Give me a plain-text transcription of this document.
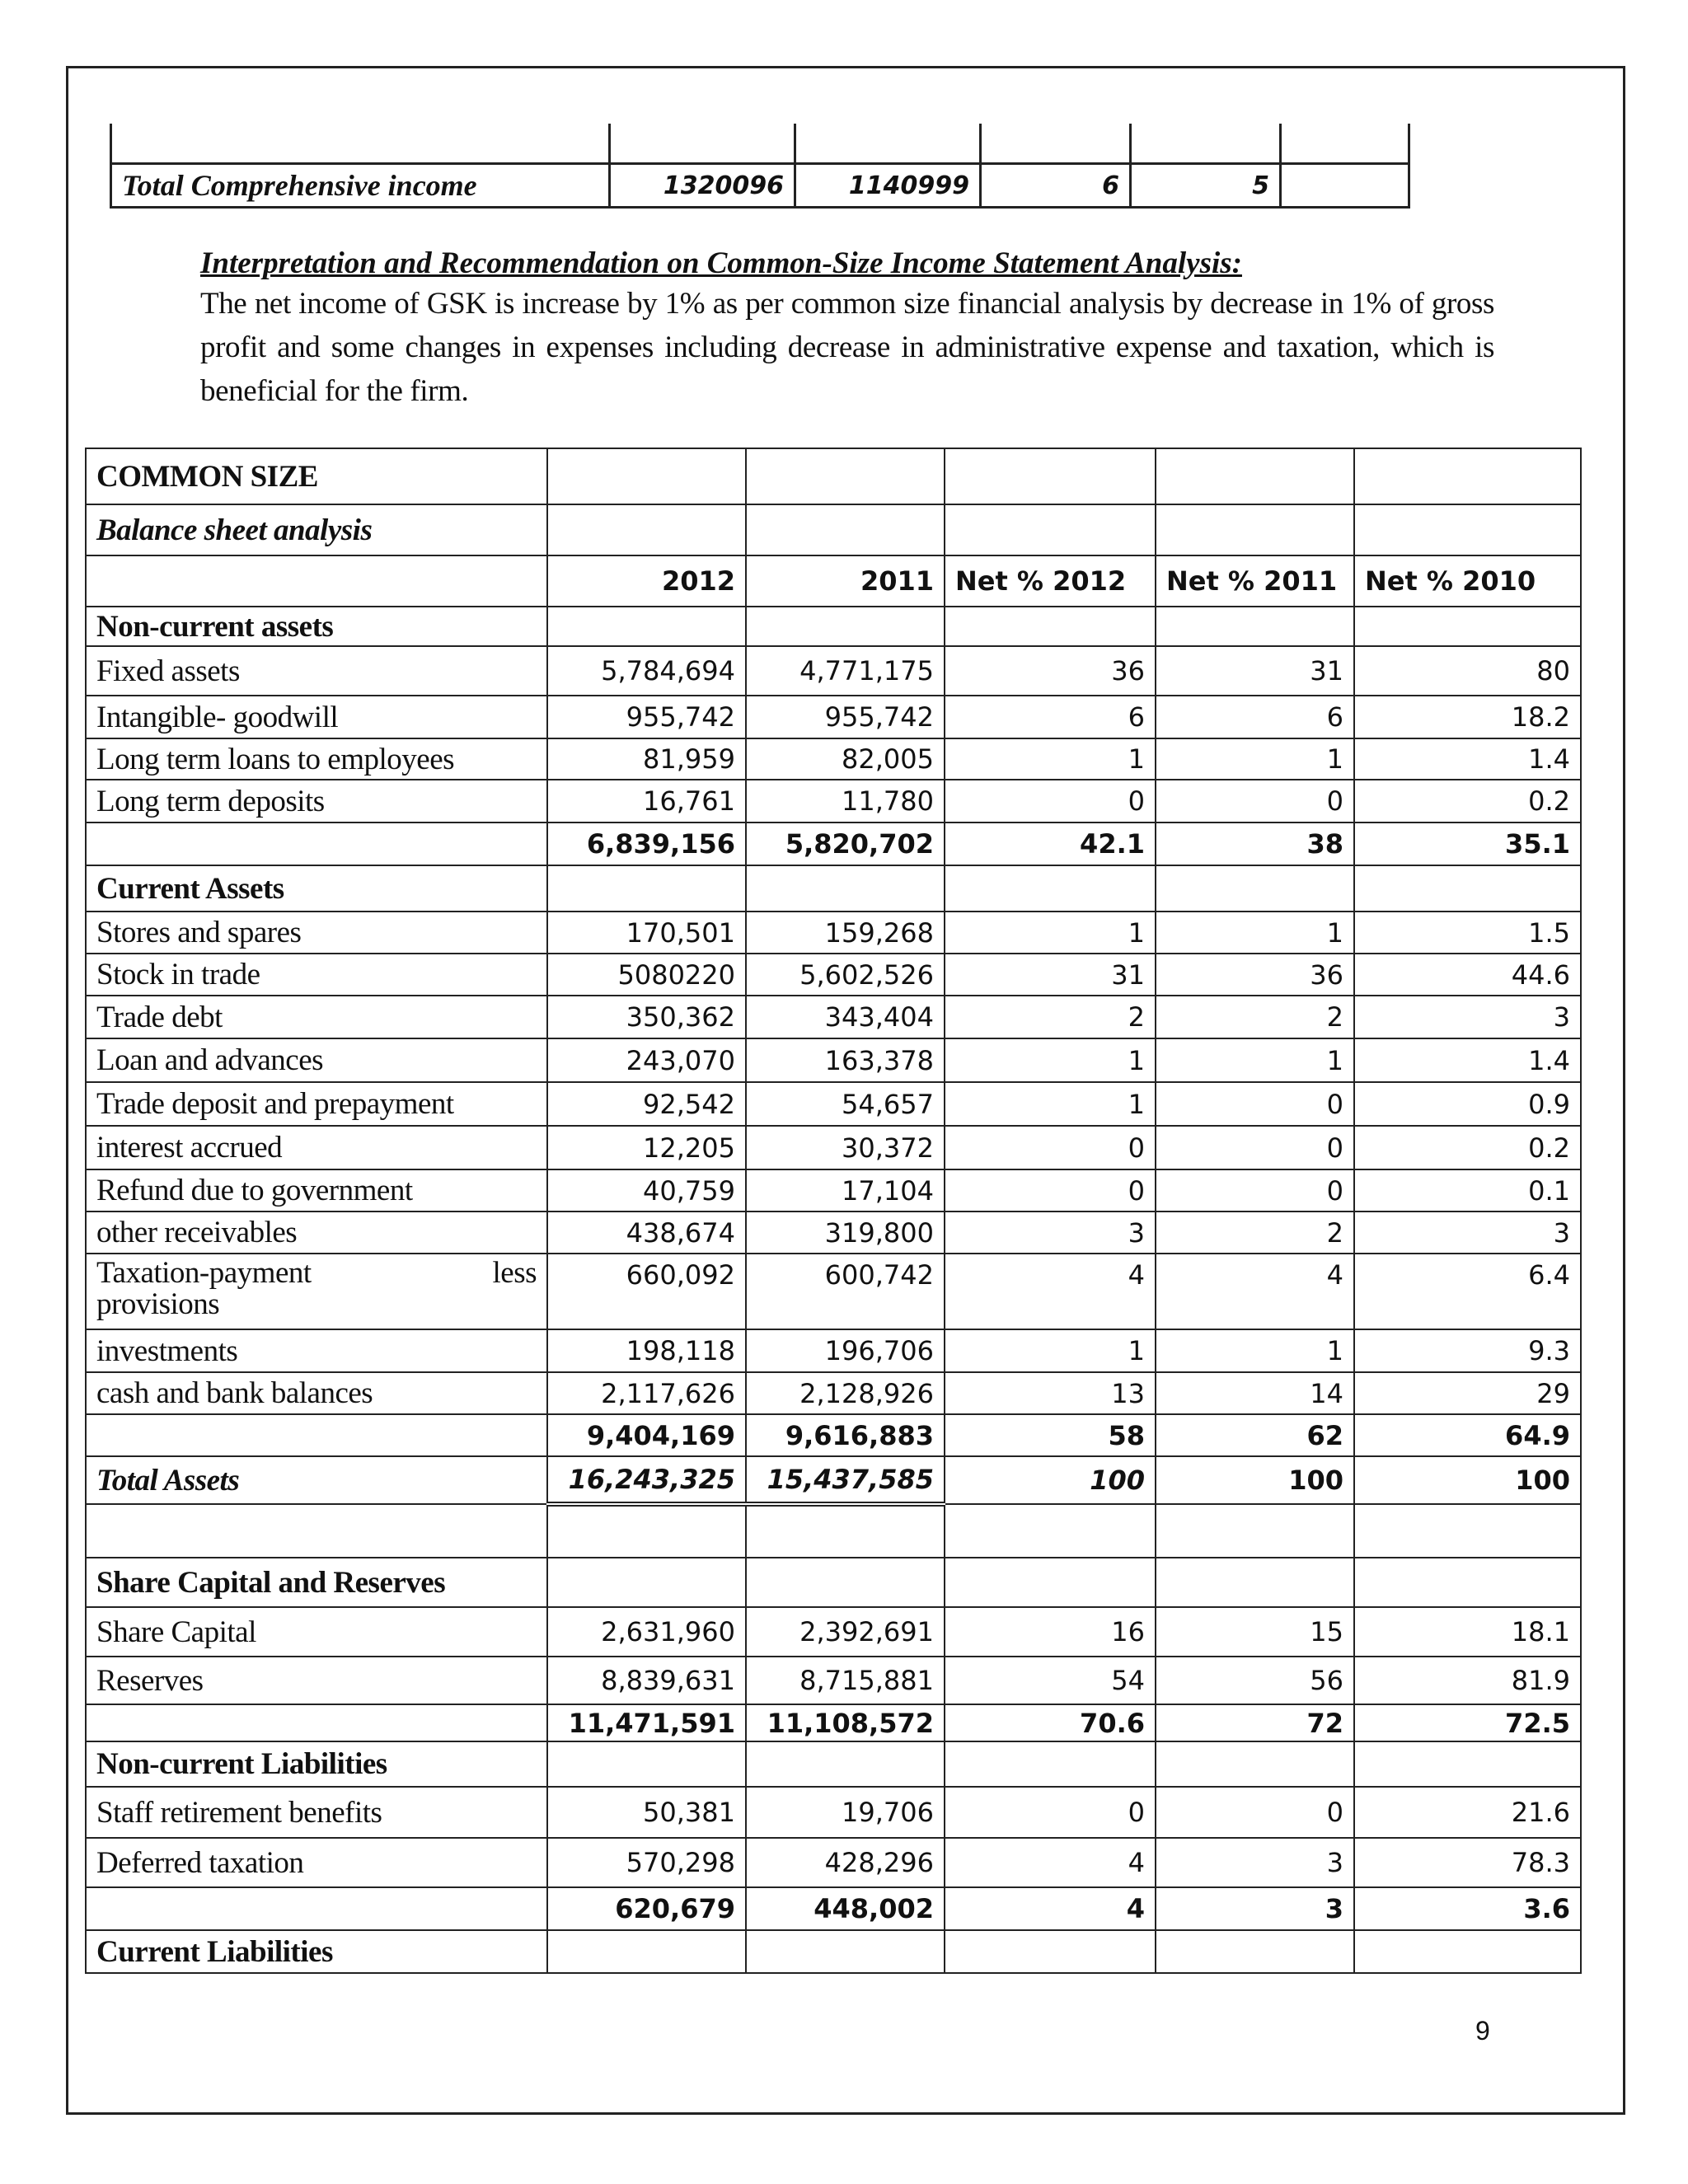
Total Comprehensive income	1320096	1140999	6	5	

Interpretation and Recommendation on Common-Size Income Statement Analysis:

The net income of GSK is increase by 1% as per common size financial analysis by decrease in 1% of gross profit and some changes in expenses including decrease in administrative expense and taxation, which is beneficial for the firm.

COMMON SIZE					
Balance sheet analysis					
	2012	2011	Net % 2012	Net % 2011	Net % 2010
Non-current assets					
Fixed assets	5,784,694	4,771,175	36	31	80
Intangible- goodwill	955,742	955,742	6	6	18.2
Long term loans to employees	81,959	82,005	1	1	1.4
Long term deposits	16,761	11,780	0	0	0.2
	6,839,156	5,820,702	42.1	38	35.1
Current Assets					
Stores and spares	170,501	159,268	1	1	1.5
Stock in trade	5080220	5,602,526	31	36	44.6
Trade debt	350,362	343,404	2	2	3
Loan and advances	243,070	163,378	1	1	1.4
Trade deposit and prepayment	92,542	54,657	1	0	0.9
interest accrued	12,205	30,372	0	0	0.2
Refund due to government	40,759	17,104	0	0	0.1
other receivables	438,674	319,800	3	2	3

Taxation-payment less
provisions	660,092	600,742	4	4	6.4
investments	198,118	196,706	1	1	9.3
cash and bank balances	2,117,626	2,128,926	13	14	29
	9,404,169	9,616,883	58	62	64.9
Total Assets	16,243,325	15,437,585	100	100	100

Share Capital and Reserves					
Share Capital	2,631,960	2,392,691	16	15	18.1
Reserves	8,839,631	8,715,881	54	56	81.9
	11,471,591	11,108,572	70.6	72	72.5
Non-current Liabilities					
Staff retirement benefits	50,381	19,706	0	0	21.6
Deferred taxation	570,298	428,296	4	3	78.3
	620,679	448,002	4	3	3.6
Current Liabilities					
9
